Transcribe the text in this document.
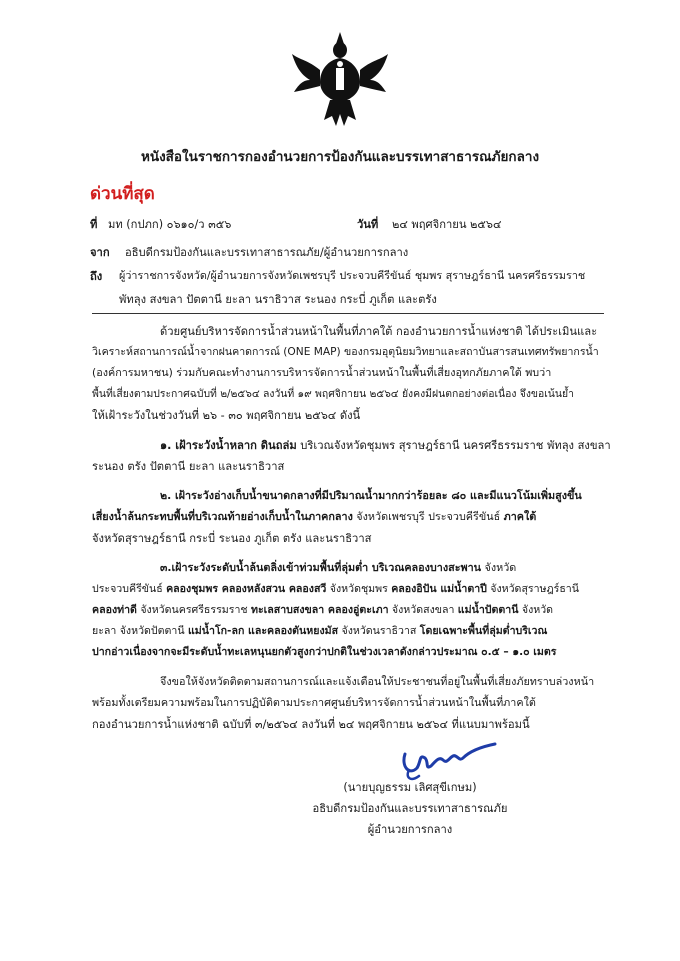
หนังสือในราชการกองอำนวยการป้องกันและบรรเทาสาธารณภัยกลาง
ด่วนที่สุด
ที่ มท (กปภก) ๐๖๑๐/ว ๓๕๖	วันที่ ๒๔ พฤศจิกายน ๒๕๖๔
จาก อธิบดีกรมป้องกันและบรรเทาสาธารณภัย/ผู้อำนวยการกลาง
ถึง ผู้ว่าราชการจังหวัด/ผู้อำนวยการจังหวัดเพชรบุรี ประจวบคีรีขันธ์ ชุมพร สุราษฎร์ธานี นครศรีธรรมราช
พัทลุง สงขลา ปัตตานี ยะลา นราธิวาส ระนอง กระบี่ ภูเก็ต และตรัง
ด้วยศูนย์บริหารจัดการน้ำส่วนหน้าในพื้นที่ภาคใต้ กองอำนวยการน้ำแห่งชาติ ได้ประเมินและ
วิเคราะห์สถานการณ์น้ำจากฝนคาดการณ์ (ONE MAP) ของกรมอุตุนิยมวิทยาและสถาบันสารสนเทศทรัพยากรน้ำ
(องค์การมหาชน) ร่วมกับคณะทำงานการบริหารจัดการน้ำส่วนหน้าในพื้นที่เสี่ยงอุทกภัยภาคใต้ พบว่า
พื้นที่เสี่ยงตามประกาศฉบับที่ ๒/๒๕๖๔ ลงวันที่ ๑๙ พฤศจิกายน ๒๕๖๔ ยังคงมีฝนตกอย่างต่อเนื่อง จึงขอเน้นย้ำ
ให้เฝ้าระวังในช่วงวันที่ ๒๖ - ๓๐ พฤศจิกายน ๒๕๖๔ ดังนี้
๑. เฝ้าระวังน้ำหลาก ดินถล่ม บริเวณจังหวัดชุมพร สุราษฎร์ธานี นครศรีธรรมราช พัทลุง สงขลา
ระนอง ตรัง ปัตตานี ยะลา และนราธิวาส
๒. เฝ้าระวังอ่างเก็บน้ำขนาดกลางที่มีปริมาณน้ำมากกว่าร้อยละ ๘๐ และมีแนวโน้มเพิ่มสูงขึ้น
เสี่ยงน้ำล้นกระทบพื้นที่บริเวณท้ายอ่างเก็บน้ำในภาคกลาง จังหวัดเพชรบุรี ประจวบคีรีขันธ์ ภาคใต้
จังหวัดสุราษฎร์ธานี กระบี่ ระนอง ภูเก็ต ตรัง และนราธิวาส
๓.เฝ้าระวังระดับน้ำล้นตลิ่งเข้าท่วมพื้นที่ลุ่มต่ำ บริเวณคลองบางสะพาน จังหวัด
ประจวบคีรีขันธ์ คลองชุมพร คลองหลังสวน คลองสวี จังหวัดชุมพร คลองอิปัน แม่น้ำตาปี จังหวัดสุราษฎร์ธานี
คลองท่าดี จังหวัดนครศรีธรรมราช ทะเลสาบสงขลา คลองอู่ตะเภา จังหวัดสงขลา แม่น้ำปัตตานี จังหวัด
ยะลา จังหวัดปัตตานี แม่น้ำโก-ลก และคลองตันหยงมัส จังหวัดนราธิวาส โดยเฉพาะพื้นที่ลุ่มต่ำบริเวณ
ปากอ่าวเนื่องจากจะมีระดับน้ำทะเลหนุนยกตัวสูงกว่าปกติในช่วงเวลาดังกล่าวประมาณ ๐.๕ – ๑.๐ เมตร
จึงขอให้จังหวัดติดตามสถานการณ์และแจ้งเตือนให้ประชาชนที่อยู่ในพื้นที่เสี่ยงภัยทราบล่วงหน้า
พร้อมทั้งเตรียมความพร้อมในการปฏิบัติตามประกาศศูนย์บริหารจัดการน้ำส่วนหน้าในพื้นที่ภาคใต้
กองอำนวยการน้ำแห่งชาติ ฉบับที่ ๓/๒๕๖๔ ลงวันที่ ๒๔ พฤศจิกายน ๒๕๖๔ ที่แนบมาพร้อมนี้
(นายบุญธรรม เลิศสุขีเกษม)
อธิบดีกรมป้องกันและบรรเทาสาธารณภัย
ผู้อำนวยการกลาง
